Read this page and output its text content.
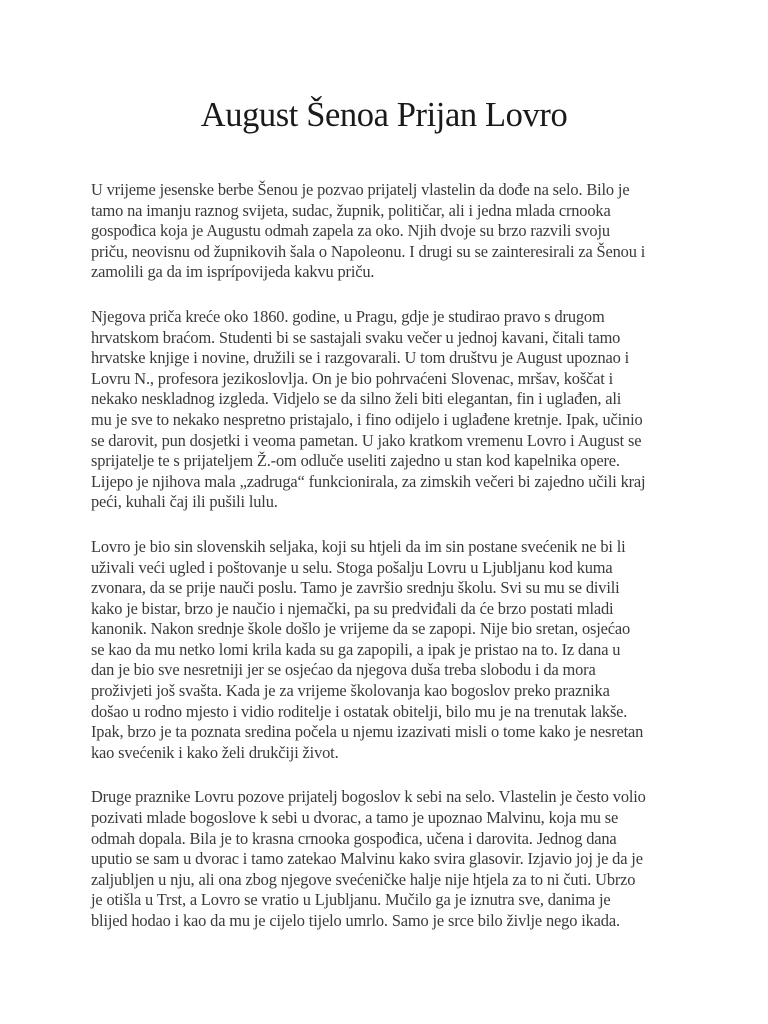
August Šenoa Prijan Lovro

U vrijeme jesenske berbe Šenou je pozvao prijatelj vlastelin da dođe na selo. Bilo je
tamo na imanju raznog svijeta, sudac, župnik, političar, ali i jedna mlada crnooka
gospođica koja je Augustu odmah zapela za oko. Njih dvoje su brzo razvili svoju
priču, neovisnu od župnikovih šala o Napoleonu. I drugi su se zainteresirali za Šenou i
zamolili ga da im isprípovijeda kakvu priču.

Njegova priča kreće oko 1860. godine, u Pragu, gdje je studirao pravo s drugom
hrvatskom braćom. Studenti bi se sastajali svaku večer u jednoj kavani, čitali tamo
hrvatske knjige i novine, družili se i razgovarali. U tom društvu je August upoznao i
Lovru N., profesora jezikoslovlja. On je bio pohrvaćeni Slovenac, mršav, koščat i
nekako neskladnog izgleda. Vidjelo se da silno želi biti elegantan, fin i uglađen, ali
mu je sve to nekako nespretno pristajalo, i fino odijelo i uglađene kretnje. Ipak, učinio
se darovit, pun dosjetki i veoma pametan. U jako kratkom vremenu Lovro i August se
sprijatelje te s prijateljem Ž.-om odluče useliti zajedno u stan kod kapelnika opere.
Lijepo je njihova mala „zadruga“ funkcionirala, za zimskih večeri bi zajedno učili kraj
peći, kuhali čaj ili pušili lulu.

Lovro je bio sin slovenskih seljaka, koji su htjeli da im sin postane svećenik ne bi li
uživali veći ugled i poštovanje u selu. Stoga pošalju Lovru u Ljubljanu kod kuma
zvonara, da se prije nauči poslu. Tamo je završio srednju školu. Svi su mu se divili
kako je bistar, brzo je naučio i njemački, pa su predviđali da će brzo postati mladi
kanonik. Nakon srednje škole došlo je vrijeme da se zapopi. Nije bio sretan, osjećao
se kao da mu netko lomi krila kada su ga zapopili, a ipak je pristao na to. Iz dana u
dan je bio sve nesretniji jer se osjećao da njegova duša treba slobodu i da mora
proživjeti još svašta. Kada je za vrijeme školovanja kao bogoslov preko praznika
došao u rodno mjesto i vidio roditelje i ostatak obitelji, bilo mu je na trenutak lakše.
Ipak, brzo je ta poznata sredina počela u njemu izazivati misli o tome kako je nesretan
kao svećenik i kako želi drukčiji život.

Druge praznike Lovru pozove prijatelj bogoslov k sebi na selo. Vlastelin je često volio
pozivati mlade bogoslove k sebi u dvorac, a tamo je upoznao Malvinu, koja mu se
odmah dopala. Bila je to krasna crnooka gospođica, učena i darovita. Jednog dana
uputio se sam u dvorac i tamo zatekao Malvinu kako svira glasovir. Izjavio joj je da je
zaljubljen u nju, ali ona zbog njegove svećeničke halje nije htjela za to ni čuti. Ubrzo
je otišla u Trst, a Lovro se vratio u Ljubljanu. Mučilo ga je iznutra sve, danima je
blijed hodao i kao da mu je cijelo tijelo umrlo. Samo je srce bilo življe nego ikada.
